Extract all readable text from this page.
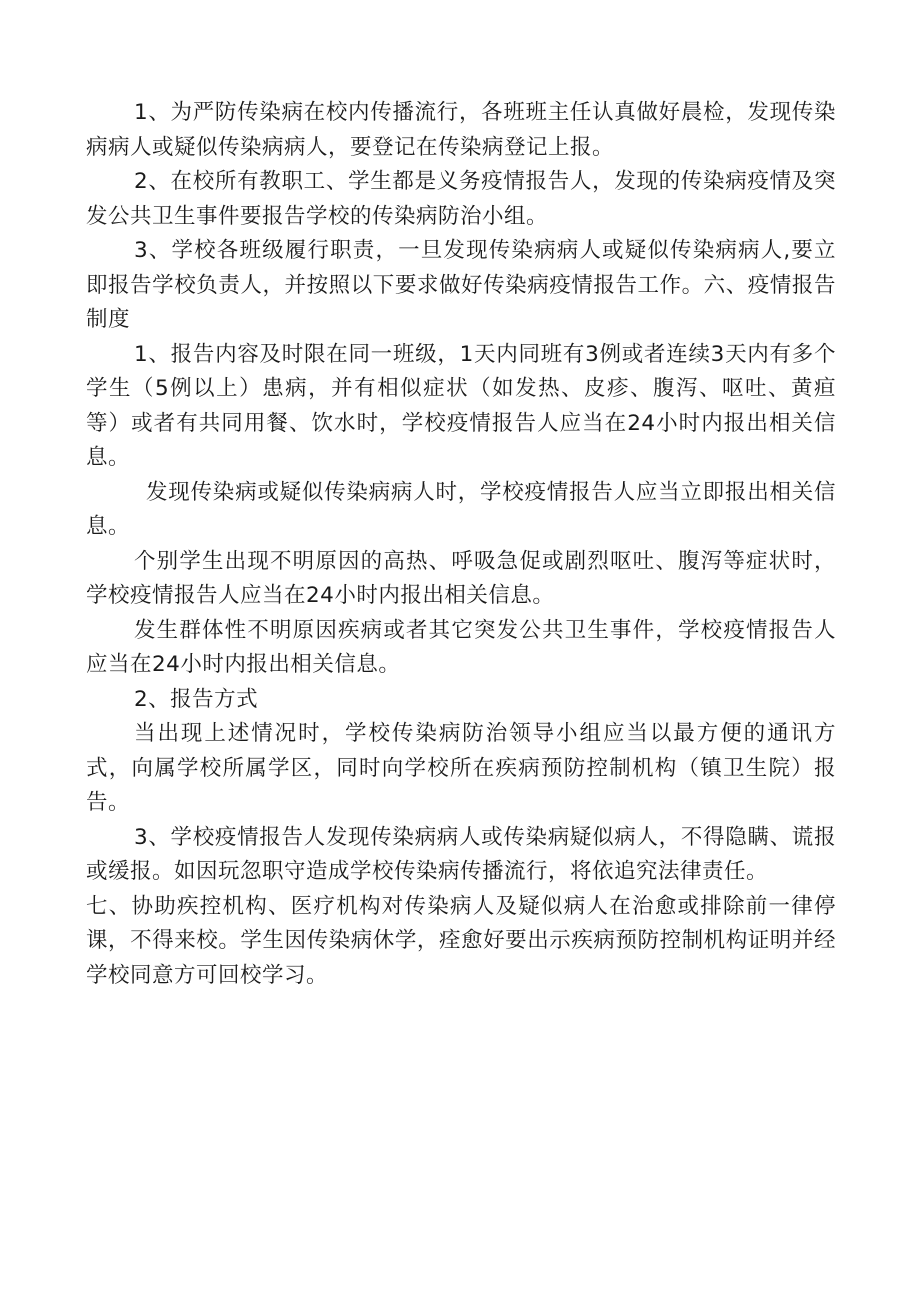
1、为严防传染病在校内传播流行，各班班主任认真做好晨检，发现传染病病人或疑似传染病病人，要登记在传染病登记上报。

2、在校所有教职工、学生都是义务疫情报告人，发现的传染病疫情及突发公共卫生事件要报告学校的传染病防治小组。

3、学校各班级履行职责，一旦发现传染病病人或疑似传染病病人,要立即报告学校负责人，并按照以下要求做好传染病疫情报告工作。六、疫情报告制度

1、报告内容及时限在同一班级，1天内同班有3例或者连续3天内有多个学生（5例以上）患病，并有相似症状（如发热、皮疹、腹泻、呕吐、黄疸等）或者有共同用餐、饮水时，学校疫情报告人应当在24小时内报出相关信息。

发现传染病或疑似传染病病人时，学校疫情报告人应当立即报出相关信息。

个别学生出现不明原因的高热、呼吸急促或剧烈呕吐、腹泻等症状时，学校疫情报告人应当在24小时内报出相关信息。

发生群体性不明原因疾病或者其它突发公共卫生事件，学校疫情报告人应当在24小时内报出相关信息。

2、报告方式

当出现上述情况时，学校传染病防治领导小组应当以最方便的通讯方式，向属学校所属学区，同时向学校所在疾病预防控制机构（镇卫生院）报告。

3、学校疫情报告人发现传染病病人或传染病疑似病人，不得隐瞒、谎报或缓报。如因玩忽职守造成学校传染病传播流行，将依追究法律责任。

七、协助疾控机构、医疗机构对传染病人及疑似病人在治愈或排除前一律停课，不得来校。学生因传染病休学，痊愈好要出示疾病预防控制机构证明并经学校同意方可回校学习。
